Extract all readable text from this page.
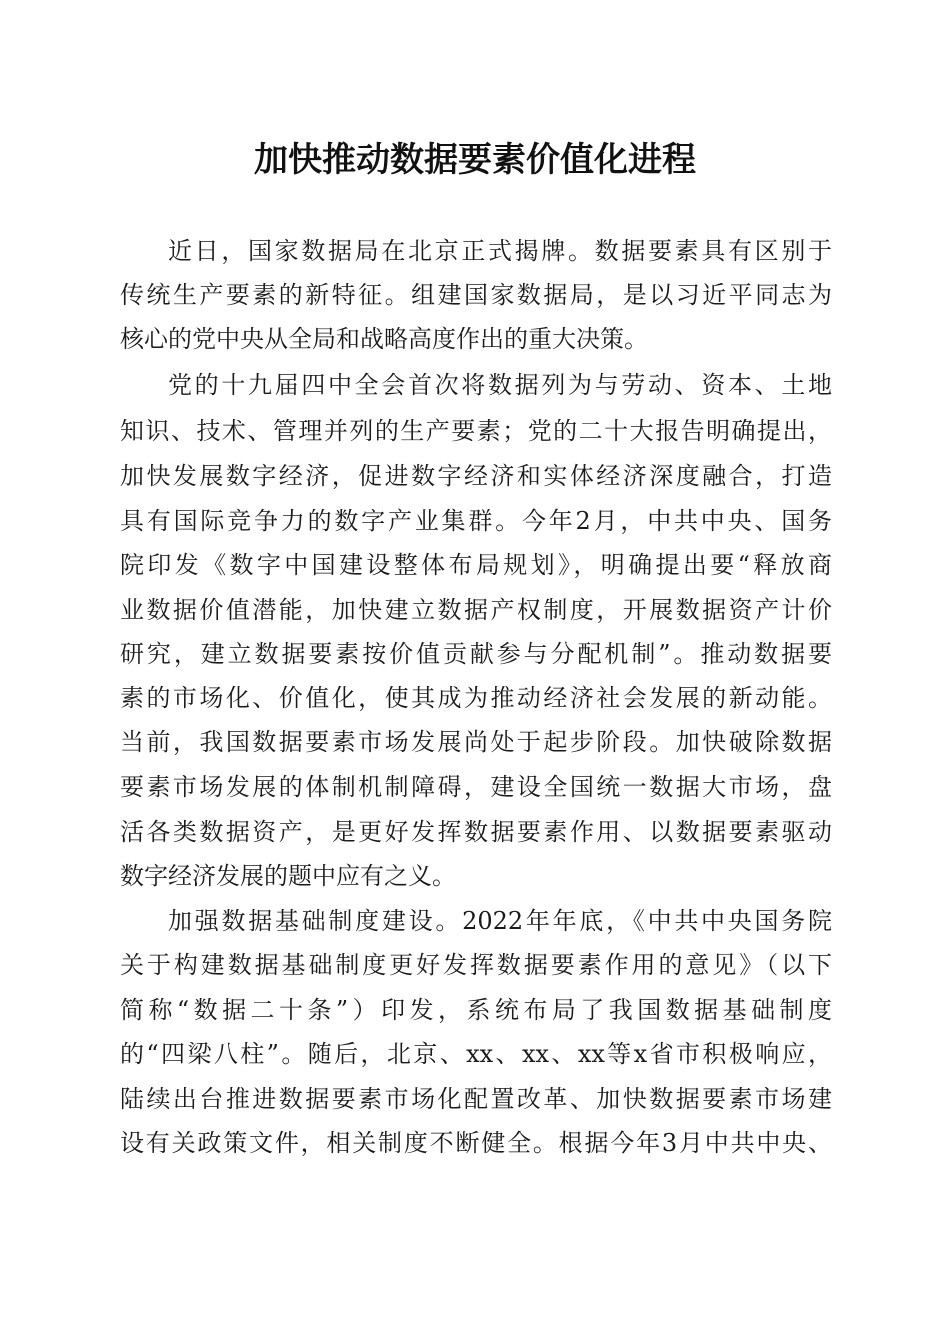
加快推动数据要素价值化进程
近日，国家数据局在北京正式揭牌。数据要素具有区别于
传统生产要素的新特征。组建国家数据局，是以习近平同志为
核心的党中央从全局和战略高度作出的重大决策。
党的十九届四中全会首次将数据列为与劳动、资本、土地
知识、技术、管理并列的生产要素；党的二十大报告明确提出，
加快发展数字经济，促进数字经济和实体经济深度融合，打造
具有国际竞争力的数字产业集群。今年2月，中共中央、国务
院印发《数字中国建设整体布局规划》，明确提出要“释放商
业数据价值潜能，加快建立数据产权制度，开展数据资产计价
研究，建立数据要素按价值贡献参与分配机制”。推动数据要
素的市场化、价值化，使其成为推动经济社会发展的新动能。
当前，我国数据要素市场发展尚处于起步阶段。加快破除数据
要素市场发展的体制机制障碍，建设全国统一数据大市场，盘
活各类数据资产，是更好发挥数据要素作用、以数据要素驱动
数字经济发展的题中应有之义。
加强数据基础制度建设。2022年年底，《中共中央国务院
关于构建数据基础制度更好发挥数据要素作用的意见》（以下
简称“数据二十条”）印发，系统布局了我国数据基础制度
的“四梁八柱”。随后，北京、xx、xx、xx等x省市积极响应，
陆续出台推进数据要素市场化配置改革、加快数据要素市场建
设有关政策文件，相关制度不断健全。根据今年3月中共中央、
